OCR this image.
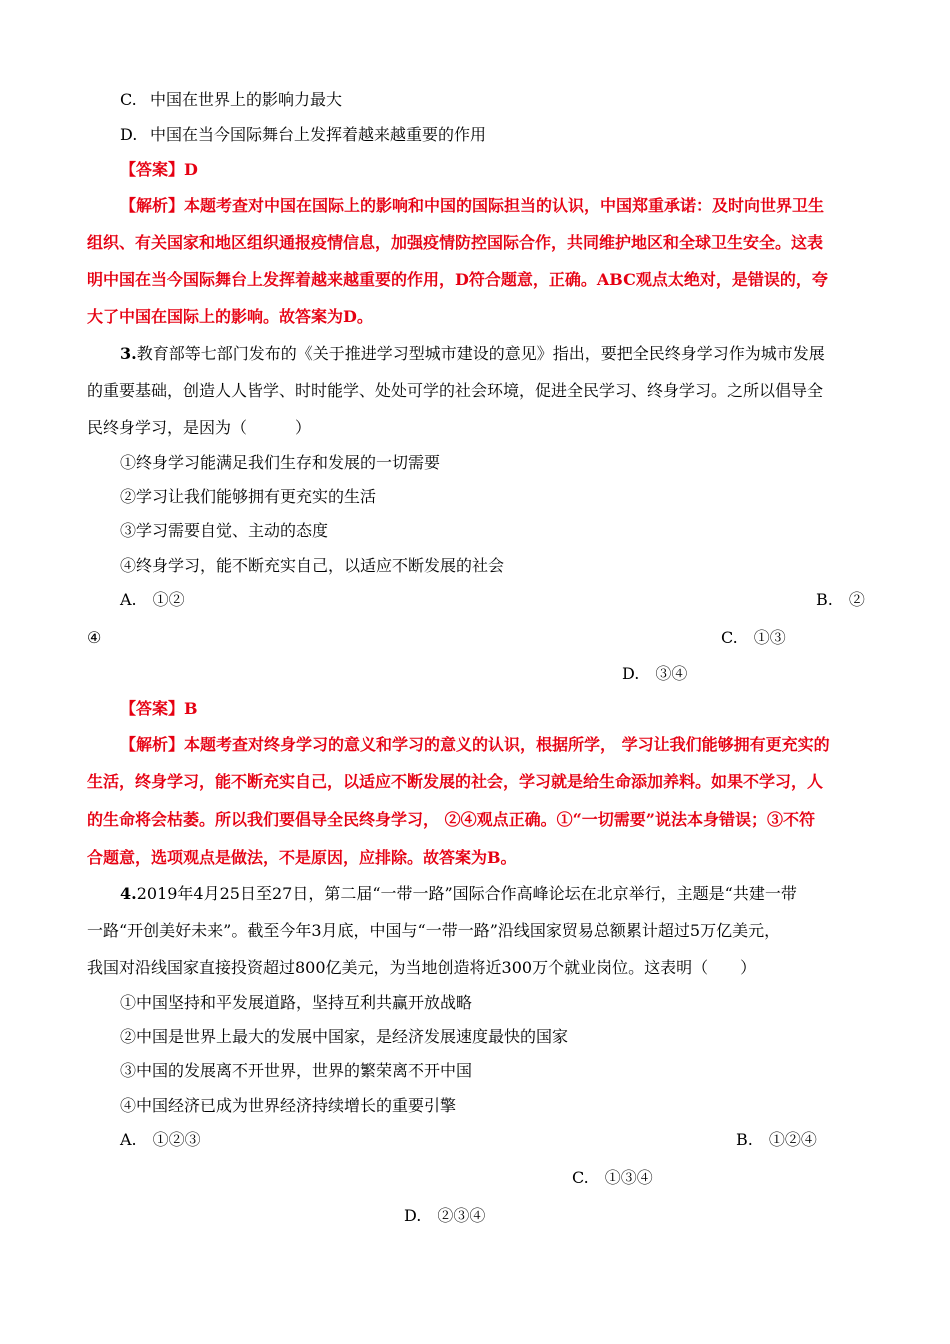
C. 中国在世界上的影响力最大
D. 中国在当今国际舞台上发挥着越来越重要的作用
【答案】D
【解析】本题考查对中国在国际上的影响和中国的国际担当的认识，中国郑重承诺：及时向世界卫生
组织、有关国家和地区组织通报疫情信息，加强疫情防控国际合作，共同维护地区和全球卫生安全。这表
明中国在当今国际舞台上发挥着越来越重要的作用，D符合题意，正确。ABC观点太绝对，是错误的，夸
大了中国在国际上的影响。故答案为D。
3.教育部等七部门发布的《关于推进学习型城市建设的意见》指出，要把全民终身学习作为城市发展
的重要基础，创造人人皆学、时时能学、处处可学的社会环境，促进全民学习、终身学习。之所以倡导全
民终身学习，是因为（　　　）
①终身学习能满足我们生存和发展的一切需要
②学习让我们能够拥有更充实的生活
③学习需要自觉、主动的态度
④终身学习，能不断充实自己，以适应不断发展的社会
A.　①②	B.　②
④	C.　①③
D.　③④
【答案】B
【解析】本题考查对终身学习的意义和学习的意义的认识，根据所学， 学习让我们能够拥有更充实的
生活，终身学习，能不断充实自己，以适应不断发展的社会，学习就是给生命添加养料。如果不学习，人
的生命将会枯萎。所以我们要倡导全民终身学习， ②④观点正确。①“一切需要”说法本身错误；③不符
合题意，选项观点是做法，不是原因，应排除。故答案为B。
4.2019年4月25日至27日，第二届“一带一路”国际合作高峰论坛在北京举行，主题是“共建一带
一路“开创美好未来”。截至今年3月底，中国与“一带一路”沿线国家贸易总额累计超过5万亿美元，
我国对沿线国家直接投资超过800亿美元，为当地创造将近300万个就业岗位。这表明（　　）
①中国坚持和平发展道路，坚持互利共赢开放战略
②中国是世界上最大的发展中国家，是经济发展速度最快的国家
③中国的发展离不开世界，世界的繁荣离不开中国
④中国经济已成为世界经济持续增长的重要引擎
A.　①②③	B.　①②④
C.　①③④
D.　②③④
